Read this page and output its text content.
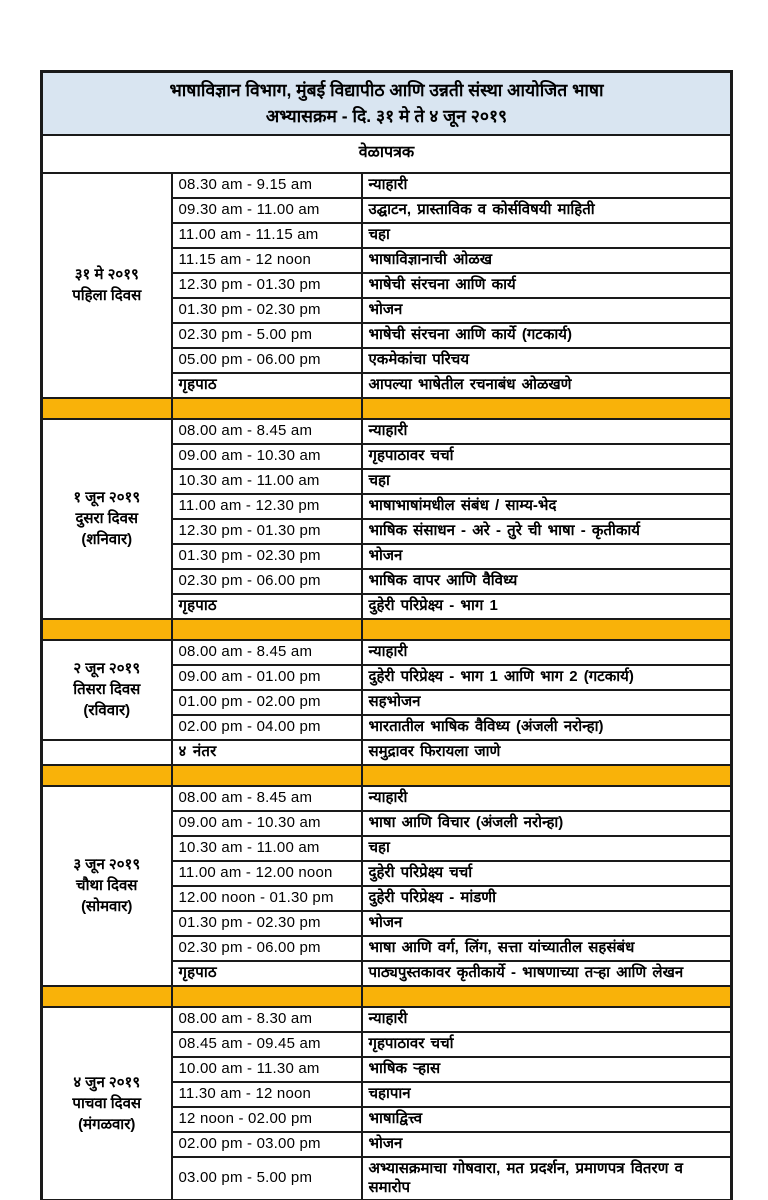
भाषाविज्ञान विभाग, मुंबई विद्यापीठ आणि उन्नती संस्था आयोजित भाषा
अभ्यासक्रम - दि. ३१ मे ते ४ जून २०१९		

वेळापत्रक		

३१ मे २०१९
पहिला दिवस	08.30 am - 9.15 am	न्याहारी
	09.30 am - 11.00 am	उद्घाटन, प्रास्ताविक व कोर्सविषयी माहिती
	11.00 am - 11.15 am	चहा
	11.15 am - 12 noon	भाषाविज्ञानाची ओळख
	12.30 pm - 01.30 pm	भाषेची संरचना आणि कार्य
	01.30 pm - 02.30 pm	भोजन
	02.30 pm - 5.00 pm	भाषेची संरचना आणि कार्ये (गटकार्य)
	05.00 pm - 06.00 pm	एकमेकांचा परिचय
	गृहपाठ	आपल्या भाषेतील रचनाबंध ओळखणे

१ जून २०१९
दुसरा दिवस
(शनिवार)	08.00 am - 8.45 am	न्याहारी
	09.00 am - 10.30 am	गृहपाठावर चर्चा
	10.30 am - 11.00 am	चहा
	11.00 am - 12.30 pm	भाषाभाषांमधील संबंध / साम्य-भेद
	12.30 pm - 01.30 pm	भाषिक संसाधन - अरे - तुरे ची भाषा - कृतीकार्य
	01.30 pm - 02.30 pm	भोजन
	02.30 pm - 06.00 pm	भाषिक वापर आणि वैविध्य
	गृहपाठ	दुहेरी परिप्रेक्ष्य - भाग 1

२ जून २०१९
तिसरा दिवस
(रविवार)	08.00 am - 8.45 am	न्याहारी
	09.00 am - 01.00 pm	दुहेरी परिप्रेक्ष्य - भाग 1 आणि भाग 2 (गटकार्य)
	01.00 pm - 02.00 pm	सहभोजन
	02.00 pm - 04.00 pm	भारतातील भाषिक वैविध्य (अंजली नरोन्हा)
	४ नंतर	समुद्रावर फिरायला जाणे

३ जून २०१९
चौथा दिवस
(सोमवार)	08.00 am - 8.45 am	न्याहारी
	09.00 am - 10.30 am	भाषा आणि विचार (अंजली नरोन्हा)
	10.30 am - 11.00 am	चहा
	11.00 am - 12.00 noon	दुहेरी परिप्रेक्ष्य चर्चा
	12.00 noon - 01.30 pm	दुहेरी परिप्रेक्ष्य - मांडणी
	01.30 pm - 02.30 pm	भोजन
	02.30 pm - 06.00 pm	भाषा आणि वर्ग, लिंग, सत्ता यांच्यातील सहसंबंध
	गृहपाठ	पाठ्यपुस्तकावर कृतीकार्ये - भाषणाच्या तऱ्हा आणि लेखन

४ जुन २०१९
पाचवा दिवस
(मंगळवार)	08.00 am - 8.30 am	न्याहारी
	08.45 am - 09.45 am	गृहपाठावर चर्चा
	10.00 am - 11.30 am	भाषिक ऱ्हास
	11.30 am - 12 noon	चहापान
	12 noon - 02.00 pm	भाषाद्वित्त्व
	02.00 pm - 03.00 pm	भोजन
	03.00 pm - 5.00 pm	अभ्यासक्रमाचा गोषवारा, मत प्रदर्शन, प्रमाणपत्र वितरण व समारोप
